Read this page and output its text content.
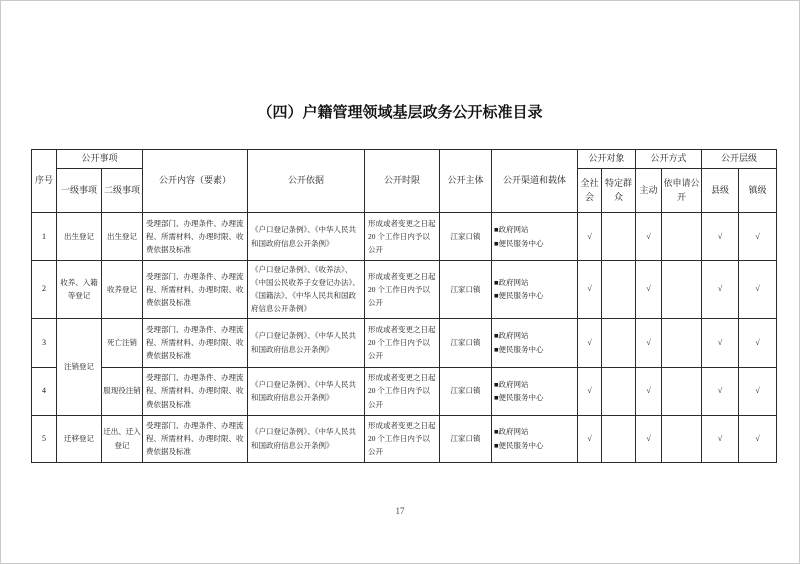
（四）户籍管理领域基层政务公开标准目录
序号	公开事项		公开内容（要素）	公开依据	公开时限	公开主体	公开渠道和载体	公开对象		公开方式		公开层级	
	一级事项	二级事项						全社会	特定群众	主动	依申请公开	县级	镇级
1	出生登记	出生登记	受理部门、办理条件、办理流程、所需材料、办理时限、收费依据及标准	《户口登记条例》、《中华人民共和国政府信息公开条例》	形成或者变更之日起 20 个工作日内予以公开	江家口镇	■政府网站
■便民服务中心	√		√		√	√
2	收养、入籍等登记	收养登记	受理部门、办理条件、办理流程、所需材料、办理时限、收费依据及标准	《户口登记条例》、《收养法》、《中国公民收养子女登记办法》、《国籍法》、《中华人民共和国政府信息公开条例》	形成或者变更之日起 20 个工作日内予以公开	江家口镇	■政府网站
■便民服务中心	√		√		√	√
3	注销登记	死亡注销	受理部门、办理条件、办理流程、所需材料、办理时限、收费依据及标准	《户口登记条例》、《中华人民共和国政府信息公开条例》	形成或者变更之日起 20 个工作日内予以公开	江家口镇	■政府网站
■便民服务中心	√		√		√	√
4		服现役注销	受理部门、办理条件、办理流程、所需材料、办理时限、收费依据及标准	《户口登记条例》、《中华人民共和国政府信息公开条例》	形成或者变更之日起 20 个工作日内予以公开	江家口镇	■政府网站
■便民服务中心	√		√		√	√
5	迁移登记	迁出、迁入登记	受理部门、办理条件、办理流程、所需材料、办理时限、收费依据及标准	《户口登记条例》、《中华人民共和国政府信息公开条例》	形成或者变更之日起 20 个工作日内予以公开	江家口镇	■政府网站
■便民服务中心	√		√		√	√
17
